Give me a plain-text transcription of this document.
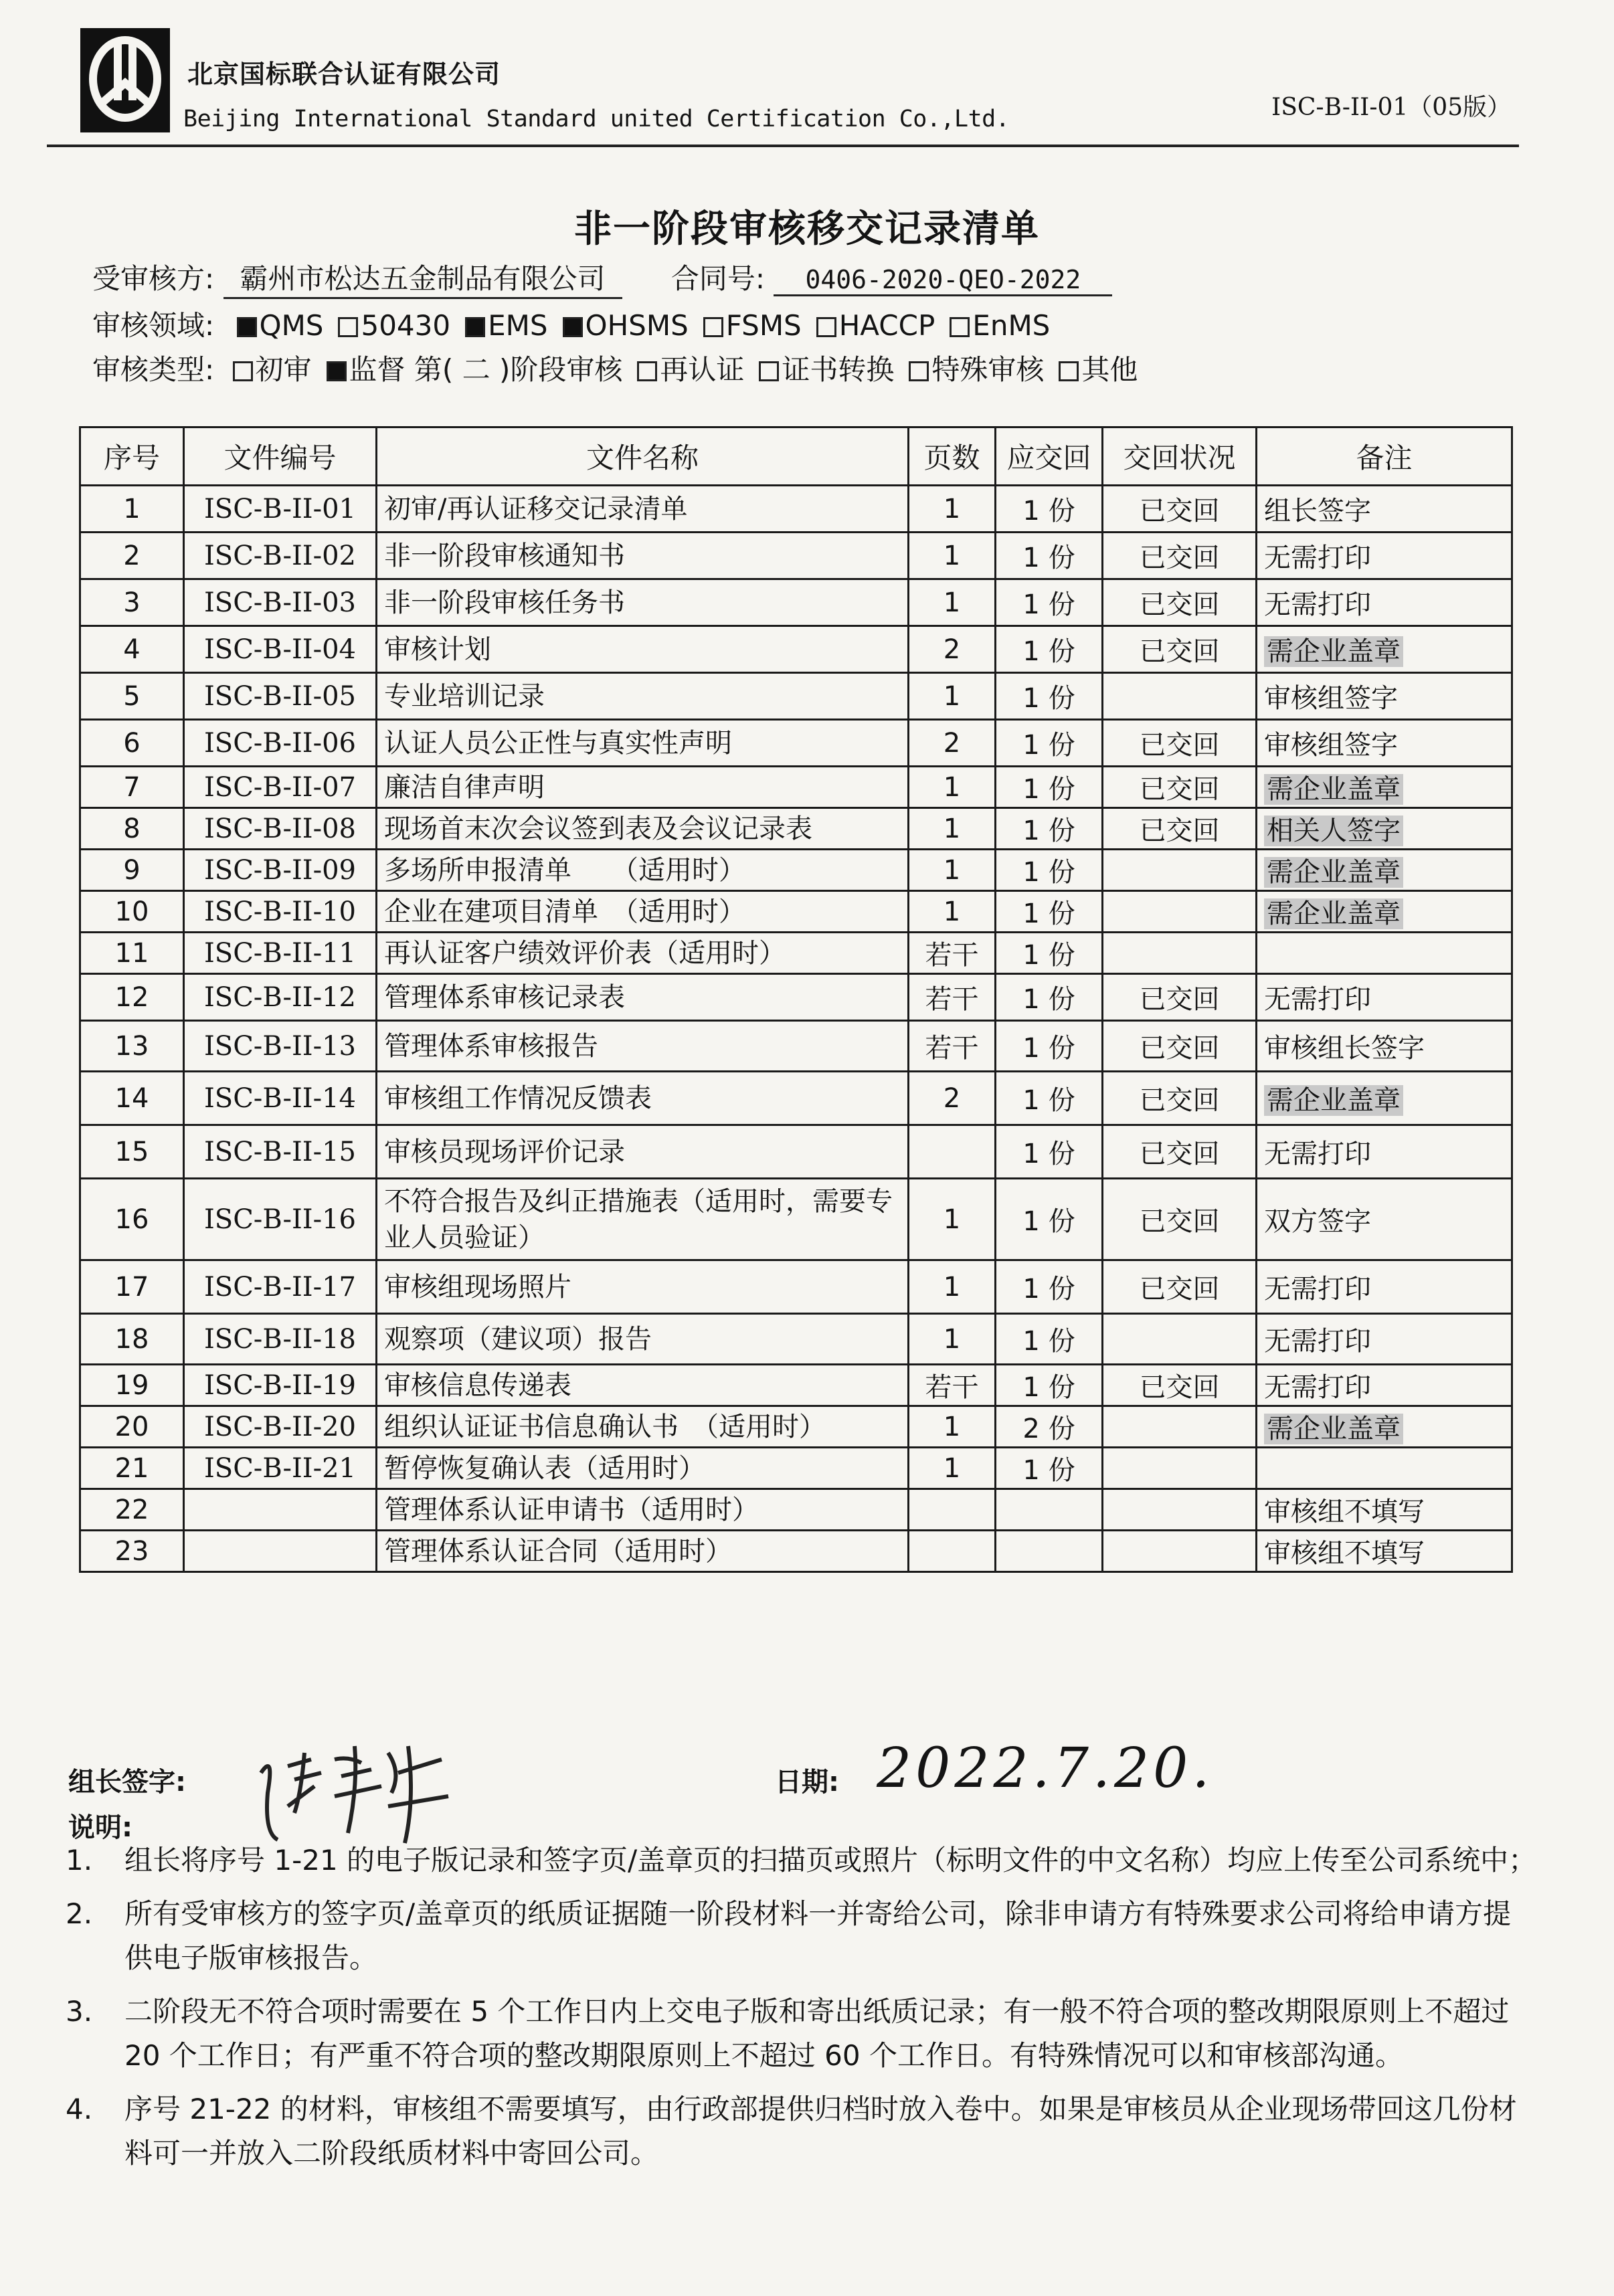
北京国标联合认证有限公司
Beijing International Standard united Certification Co.,Ltd.	ISC-B-II-01（05版）
非一阶段审核移交记录清单
受审核方: 霸州市松达五金制品有限公司 合同号: 0406-2020-QEO-2022
审核领域: QMS 50430 EMS OHSMS FSMS HACCP EnMS
审核类型: 初审 监督 第( 二 )阶段审核 再认证 证书转换 特殊审核 其他
序号	文件编号	文件名称	页数	应交回	交回状况	备注
1	ISC-B-II-01	初审/再认证移交记录清单	1	1 份	已交回	组长签字
2	ISC-B-II-02	非一阶段审核通知书	1	1 份	已交回	无需打印
3	ISC-B-II-03	非一阶段审核任务书	1	1 份	已交回	无需打印
4	ISC-B-II-04	审核计划	2	1 份	已交回	需企业盖章
5	ISC-B-II-05	专业培训记录	1	1 份		审核组签字
6	ISC-B-II-06	认证人员公正性与真实性声明	2	1 份	已交回	审核组签字
7	ISC-B-II-07	廉洁自律声明	1	1 份	已交回	需企业盖章
8	ISC-B-II-08	现场首末次会议签到表及会议记录表	1	1 份	已交回	相关人签字
9	ISC-B-II-09	多场所申报清单　　（适用时）	1	1 份		需企业盖章
10	ISC-B-II-10	企业在建项目清单　（适用时）	1	1 份		需企业盖章
11	ISC-B-II-11	再认证客户绩效评价表（适用时）	若干	1 份		
12	ISC-B-II-12	管理体系审核记录表	若干	1 份	已交回	无需打印
13	ISC-B-II-13	管理体系审核报告	若干	1 份	已交回	审核组长签字
14	ISC-B-II-14	审核组工作情况反馈表	2	1 份	已交回	需企业盖章
15	ISC-B-II-15	审核员现场评价记录		1 份	已交回	无需打印
16	ISC-B-II-16	不符合报告及纠正措施表（适用时，需要专业人员验证）	1	1 份	已交回	双方签字
17	ISC-B-II-17	审核组现场照片	1	1 份	已交回	无需打印
18	ISC-B-II-18	观察项（建议项）报告	1	1 份		无需打印
19	ISC-B-II-19	审核信息传递表	若干	1 份	已交回	无需打印
20	ISC-B-II-20	组织认证证书信息确认书　（适用时）	1	2 份		需企业盖章
21	ISC-B-II-21	暂停恢复确认表（适用时）	1	1 份		
22		管理体系认证申请书（适用时）				审核组不填写
23		管理体系认证合同（适用时）				审核组不填写
组长签字:	日期: 2022.7.20.
说明:
1. 组长将序号 1-21 的电子版记录和签字页/盖章页的扫描页或照片（标明文件的中文名称）均应上传至公司系统中；
2. 所有受审核方的签字页/盖章页的纸质证据随一阶段材料一并寄给公司，除非申请方有特殊要求公司将给申请方提供电子版审核报告。
3. 二阶段无不符合项时需要在 5 个工作日内上交电子版和寄出纸质记录；有一般不符合项的整改期限原则上不超过 20 个工作日；有严重不符合项的整改期限原则上不超过 60 个工作日。有特殊情况可以和审核部沟通。
4. 序号 21-22 的材料，审核组不需要填写，由行政部提供归档时放入卷中。如果是审核员从企业现场带回这几份材料可一并放入二阶段纸质材料中寄回公司。
